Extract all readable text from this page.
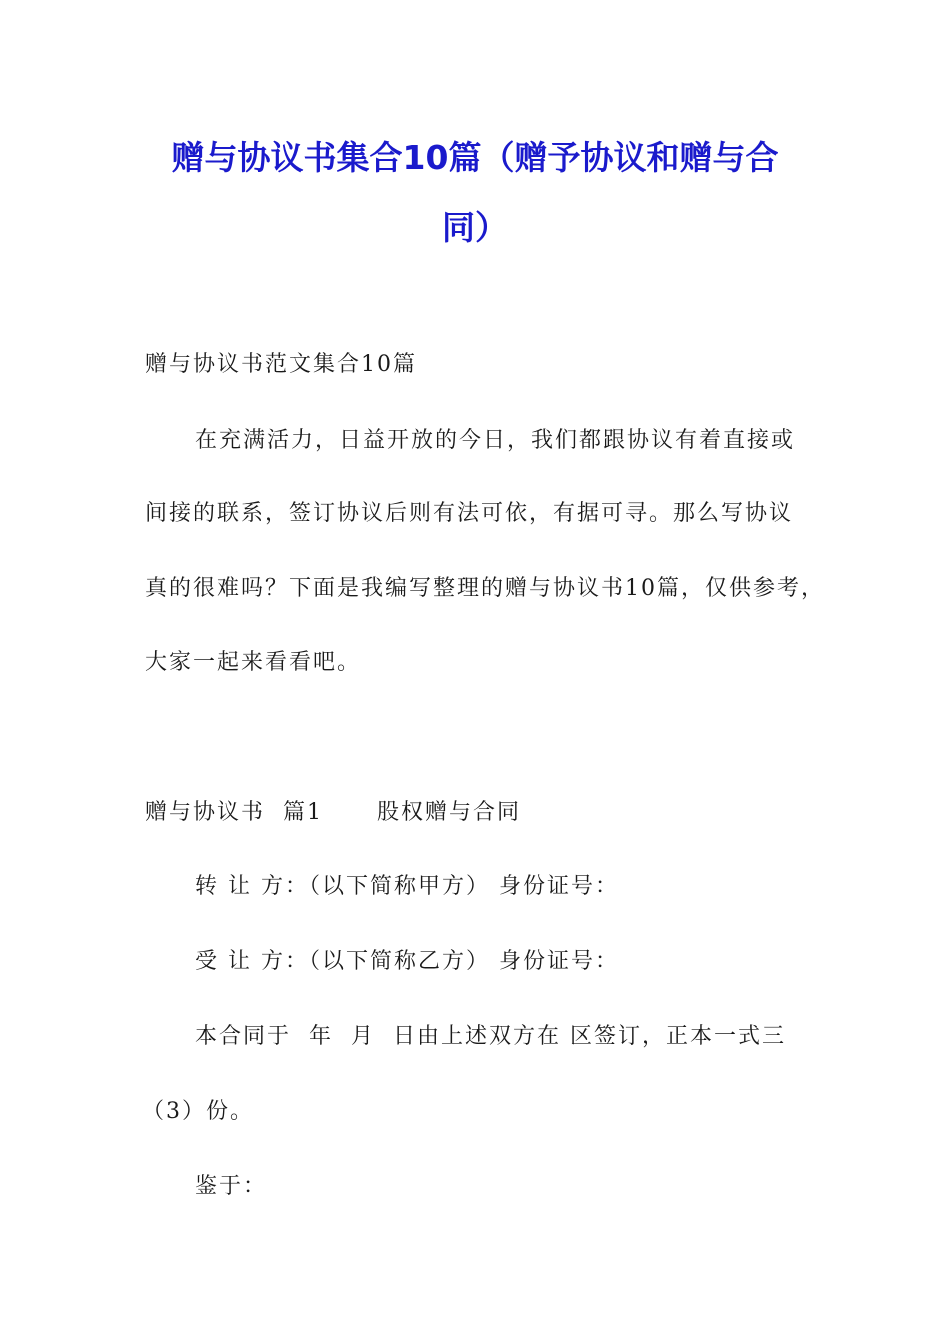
赠与协议书集合10篇（赠予协议和赠与合
同）
赠与协议书范文集合10篇
在充满活力，日益开放的今日，我们都跟协议有着直接或
间接的联系，签订协议后则有法可依，有据可寻。那么写协议
真的很难吗？下面是我编写整理的赠与协议书10篇，仅供参考，
大家一起来看看吧。
赠与协议书  篇1      股权赠与合同
转 让 方：（以下简称甲方） 身份证号：
受 让 方：（以下简称乙方） 身份证号：
本合同于  年  月  日由上述双方在 区签订，正本一式三
（3）份。
鉴于：
